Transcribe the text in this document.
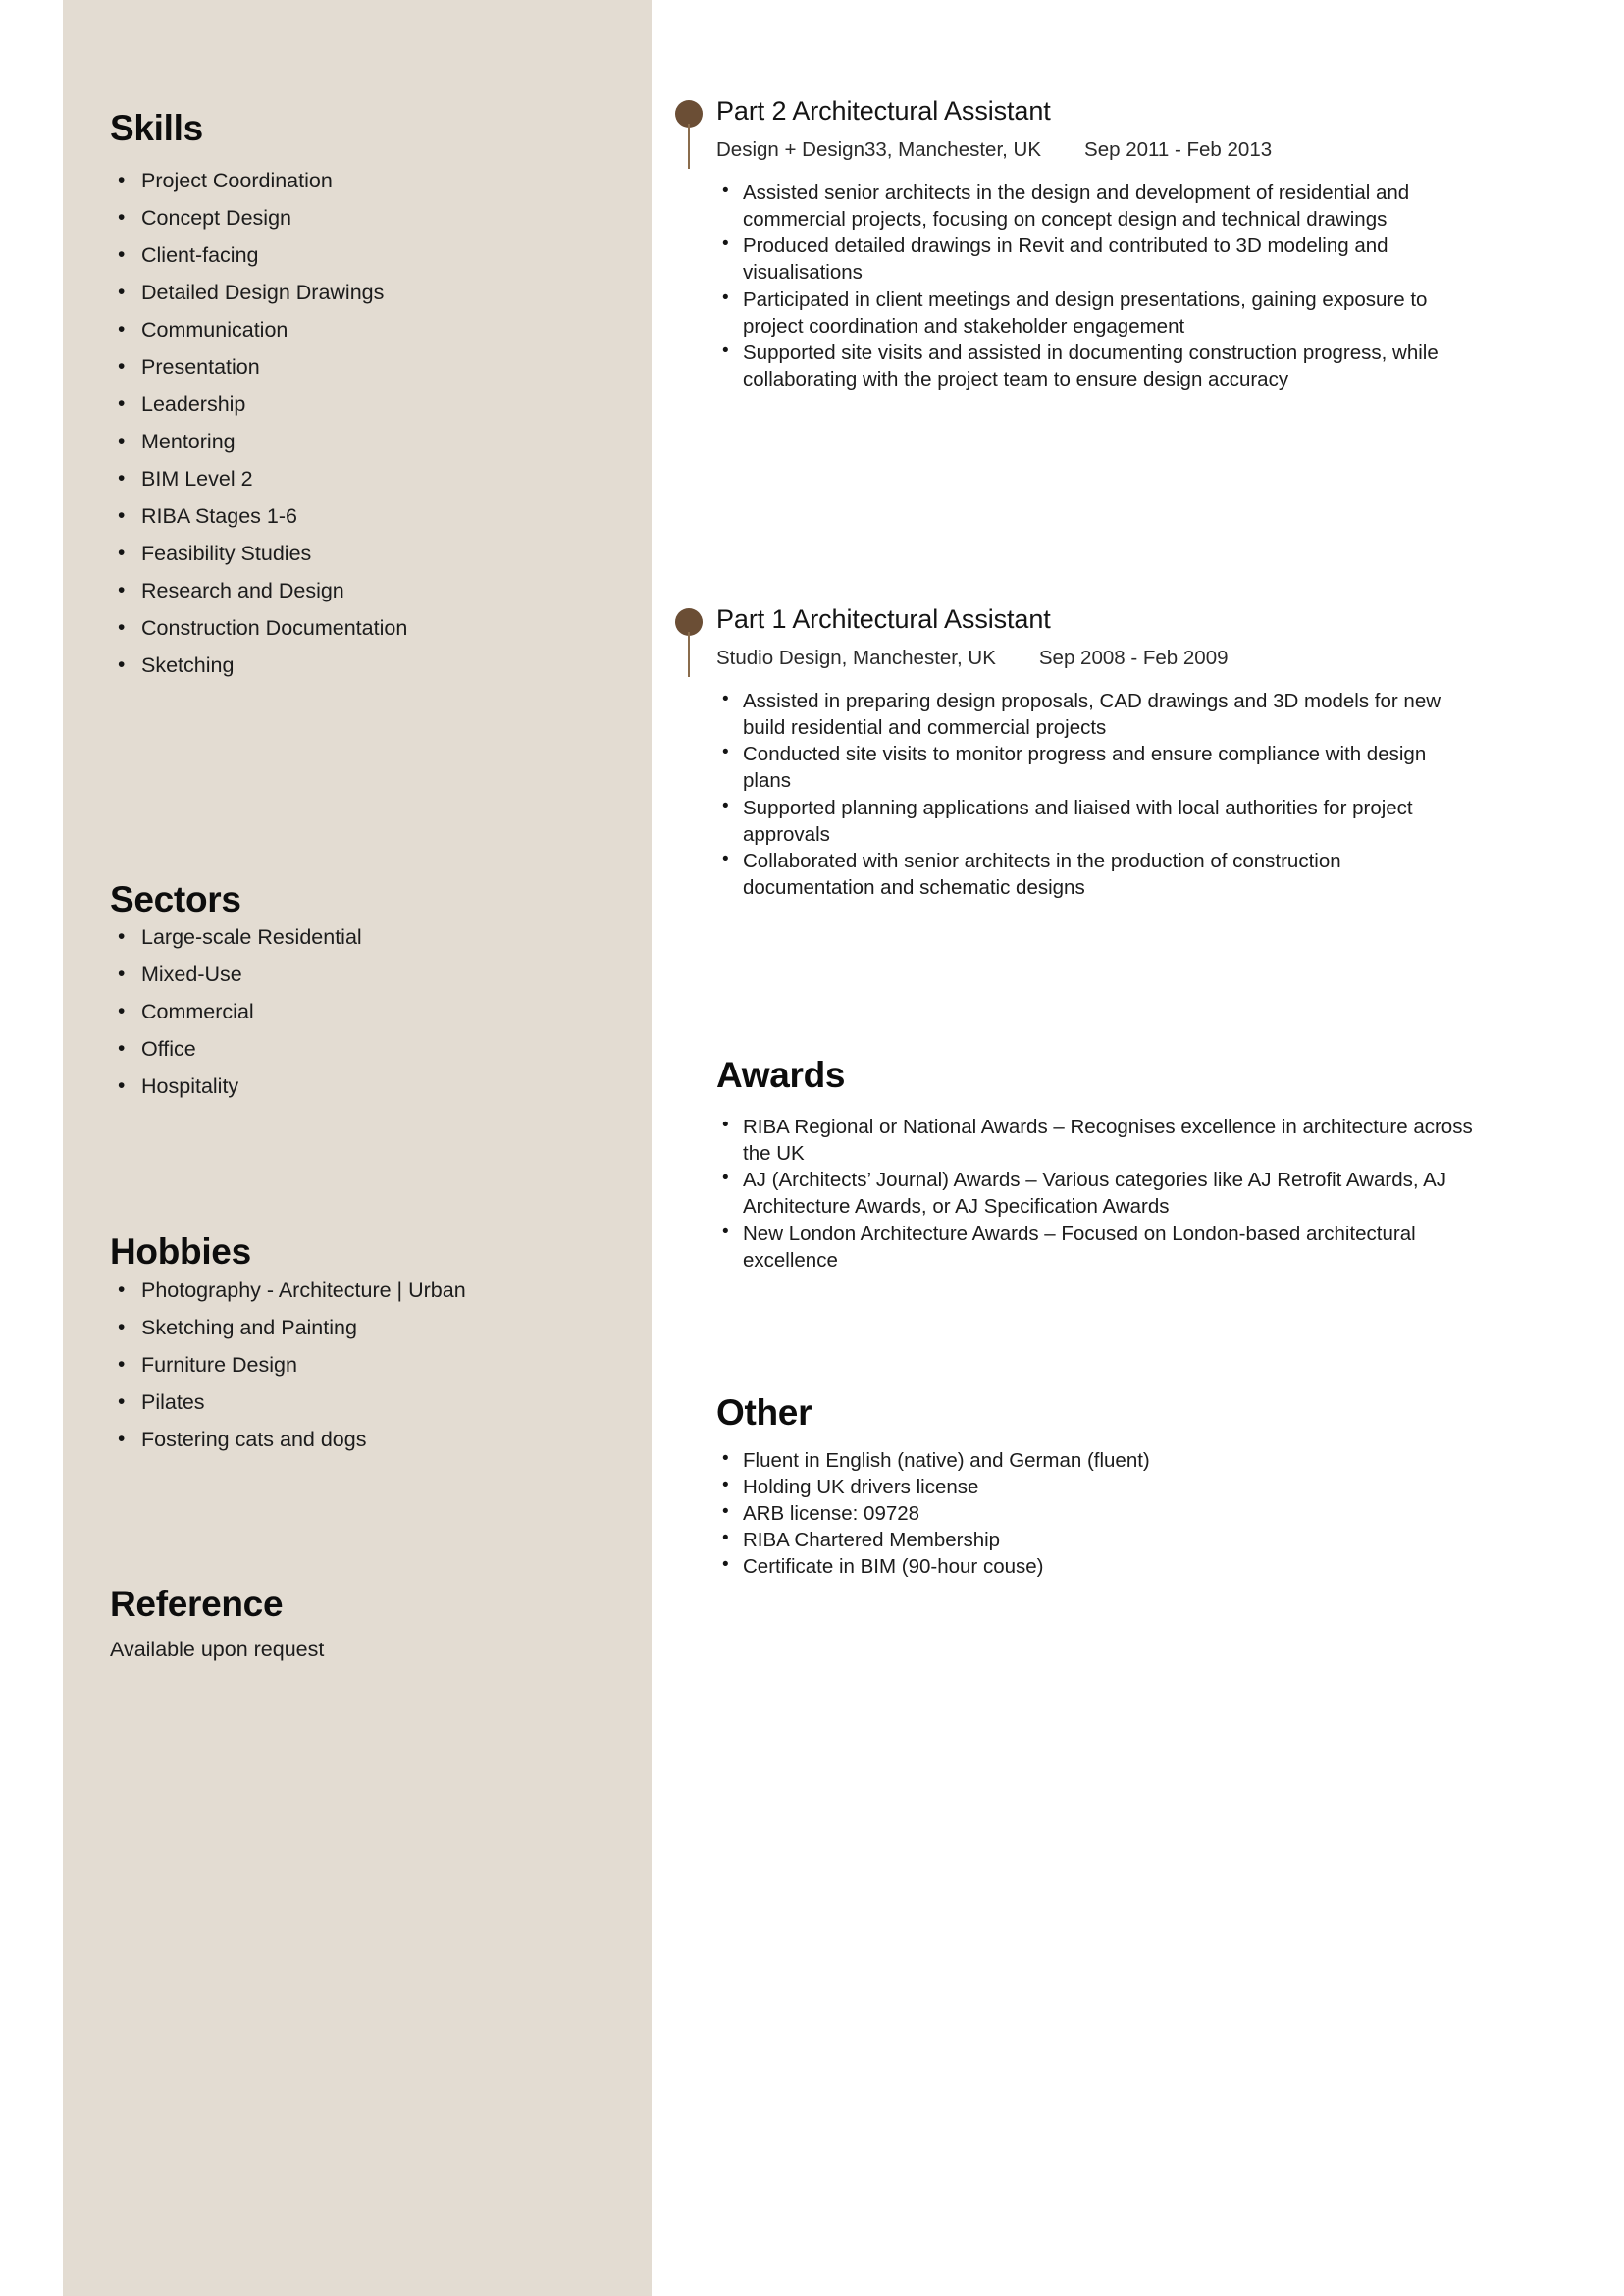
Skills
• Project Coordination
• Concept Design
• Client-facing
• Detailed Design Drawings
• Communication
• Presentation
• Leadership
• Mentoring
• BIM Level 2
• RIBA Stages 1-6
• Feasibility Studies
• Research and Design
• Construction Documentation
• Sketching
Sectors
• Large-scale Residential
• Mixed-Use
• Commercial
• Office
• Hospitality
Hobbies
• Photography - Architecture | Urban
• Sketching and Painting
• Furniture Design
• Pilates
• Fostering cats and dogs
Reference
Available upon request
Part 2 Architectural Assistant
Design + Design33, Manchester, UK Sep 2011 - Feb 2013
• Assisted senior architects in the design and development of residential and commercial projects, focusing on concept design and technical drawings
• Produced detailed drawings in Revit and contributed to 3D modeling and visualisations
• Participated in client meetings and design presentations, gaining exposure to project coordination and stakeholder engagement
• Supported site visits and assisted in documenting construction progress, while collaborating with the project team to ensure design accuracy
Part 1 Architectural Assistant
Studio Design, Manchester, UK Sep 2008 - Feb 2009
• Assisted in preparing design proposals, CAD drawings and 3D models for new build residential and commercial projects
• Conducted site visits to monitor progress and ensure compliance with design plans
• Supported planning applications and liaised with local authorities for project approvals
• Collaborated with senior architects in the production of construction documentation and schematic designs
Awards
• RIBA Regional or National Awards – Recognises excellence in architecture across the UK
• AJ (Architects’ Journal) Awards – Various categories like AJ Retrofit Awards, AJ Architecture Awards, or AJ Specification Awards
• New London Architecture Awards – Focused on London-based architectural excellence
Other
• Fluent in English (native) and German (fluent)
• Holding UK drivers license
• ARB license: 09728
• RIBA Chartered Membership
• Certificate in BIM (90-hour couse)
